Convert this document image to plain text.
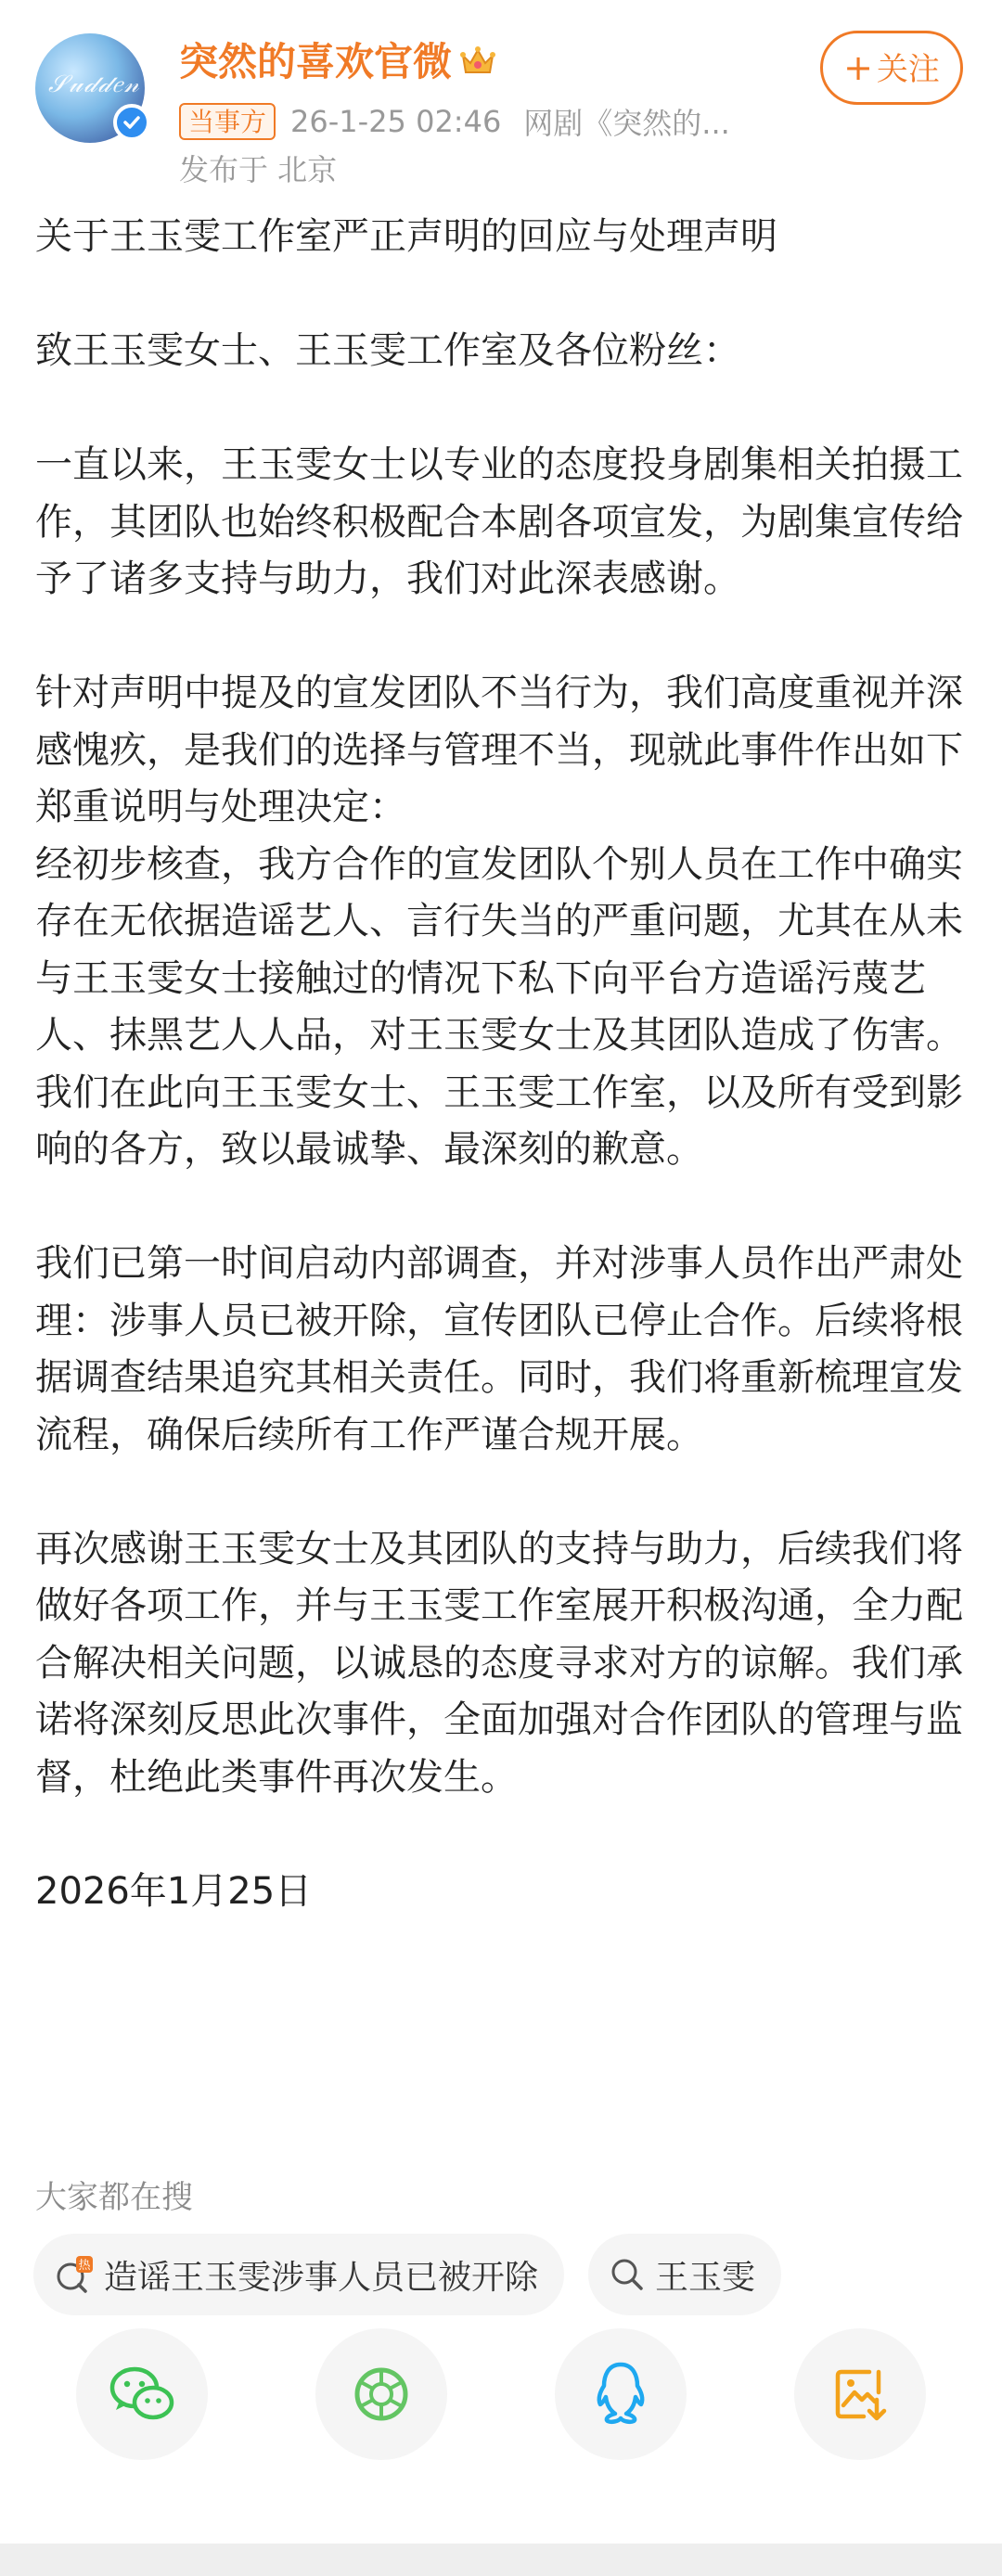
𝒮𝓊𝒹𝒹𝑒𝓃 突然的喜欢官微	+ 关注
当事方 26-1-25 02:46 网剧《突然的...
发布于 北京

关于王玉雯工作室严正声明的回应与处理声明

致王玉雯女士、王玉雯工作室及各位粉丝：

一直以来，王玉雯女士以专业的态度投身剧集相关拍摄工作，其团队也始终积极配合本剧各项宣发，为剧集宣传给予了诸多支持与助力，我们对此深表感谢。

针对声明中提及的宣发团队不当行为，我们高度重视并深感愧疚，是我们的选择与管理不当，现就此事件作出如下郑重说明与处理决定：

经初步核查，我方合作的宣发团队个别人员在工作中确实存在无依据造谣艺人、言行失当的严重问题，尤其在从未与王玉雯女士接触过的情况下私下向平台方造谣污蔑艺人、抹黑艺人人品，对王玉雯女士及其团队造成了伤害。我们在此向王玉雯女士、王玉雯工作室，以及所有受到影响的各方，致以最诚挚、最深刻的歉意。

我们已第一时间启动内部调查，并对涉事人员作出严肃处理：涉事人员已被开除，宣传团队已停止合作。后续将根据调查结果追究其相关责任。同时，我们将重新梳理宣发流程，确保后续所有工作严谨合规开展。

再次感谢王玉雯女士及其团队的支持与助力，后续我们将做好各项工作，并与王玉雯工作室展开积极沟通，全力配合解决相关问题，以诚恳的态度寻求对方的谅解。我们承诺将深刻反思此次事件，全面加强对合作团队的管理与监督，杜绝此类事件再次发生。

2026年1月25日

大家都在搜
热 造谣王玉雯涉事人员已被开除	王玉雯
